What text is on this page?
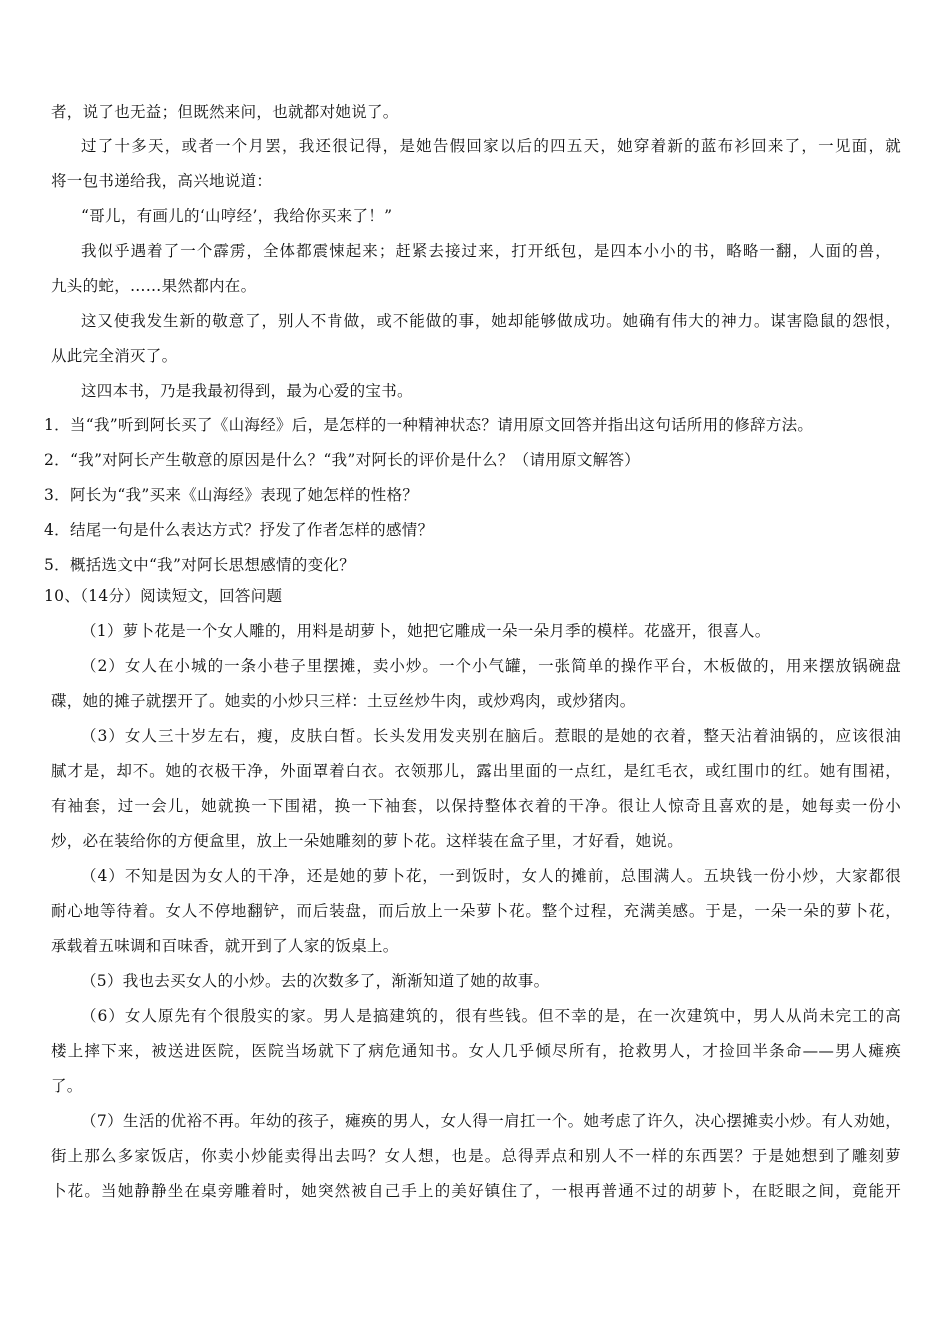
者，说了也无益；但既然来问，也就都对她说了。
过了十多天，或者一个月罢，我还很记得，是她告假回家以后的四五天，她穿着新的蓝布衫回来了，一见面，就
将一包书递给我，高兴地说道：
“哥儿，有画儿的‘山哼经’，我给你买来了！”
我似乎遇着了一个霹雳，全体都震悚起来；赶紧去接过来，打开纸包，是四本小小的书，略略一翻，人面的兽，
九头的蛇，……果然都内在。
这又使我发生新的敬意了，别人不肯做，或不能做的事，她却能够做成功。她确有伟大的神力。谋害隐鼠的怨恨，
从此完全消灭了。
这四本书，乃是我最初得到，最为心爱的宝书。
1．当“我”听到阿长买了《山海经》后，是怎样的一种精神状态？请用原文回答并指出这句话所用的修辞方法。
2．“我”对阿长产生敬意的原因是什么？“我”对阿长的评价是什么？（请用原文解答）
3．阿长为“我”买来《山海经》表现了她怎样的性格？
4．结尾一句是什么表达方式？抒发了作者怎样的感情？
5．概括选文中“我”对阿长思想感情的变化？
10、（14分）阅读短文，回答问题
（1）萝卜花是一个女人雕的，用料是胡萝卜，她把它雕成一朵一朵月季的模样。花盛开，很喜人。
（2）女人在小城的一条小巷子里摆摊，卖小炒。一个小气罐，一张简单的操作平台，木板做的，用来摆放锅碗盘
碟，她的摊子就摆开了。她卖的小炒只三样：土豆丝炒牛肉，或炒鸡肉，或炒猪肉。
（3）女人三十岁左右，瘦，皮肤白皙。长头发用发夹别在脑后。惹眼的是她的衣着，整天沾着油锅的，应该很油
腻才是，却不。她的衣极干净，外面罩着白衣。衣领那儿，露出里面的一点红，是红毛衣，或红围巾的红。她有围裙，
有袖套，过一会儿，她就换一下围裙，换一下袖套，以保持整体衣着的干净。很让人惊奇且喜欢的是，她每卖一份小
炒，必在装给你的方便盒里，放上一朵她雕刻的萝卜花。这样装在盒子里，才好看，她说。
（4）不知是因为女人的干净，还是她的萝卜花，一到饭时，女人的摊前，总围满人。五块钱一份小炒，大家都很
耐心地等待着。女人不停地翻铲，而后装盘，而后放上一朵萝卜花。整个过程，充满美感。于是，一朵一朵的萝卜花，
承载着五味调和百味香，就开到了人家的饭桌上。
（5）我也去买女人的小炒。去的次数多了，渐渐知道了她的故事。
（6）女人原先有个很殷实的家。男人是搞建筑的，很有些钱。但不幸的是，在一次建筑中，男人从尚未完工的高
楼上摔下来，被送进医院，医院当场就下了病危通知书。女人几乎倾尽所有，抢救男人，才捡回半条命——男人瘫痪
了。
（7）生活的优裕不再。年幼的孩子，瘫痪的男人，女人得一肩扛一个。她考虑了许久，决心摆摊卖小炒。有人劝她，
街上那么多家饭店，你卖小炒能卖得出去吗？女人想，也是。总得弄点和别人不一样的东西罢？于是她想到了雕刻萝
卜花。当她静静坐在桌旁雕着时，她突然被自己手上的美好镇住了，一根再普通不过的胡萝卜，在眨眼之间，竟能开
